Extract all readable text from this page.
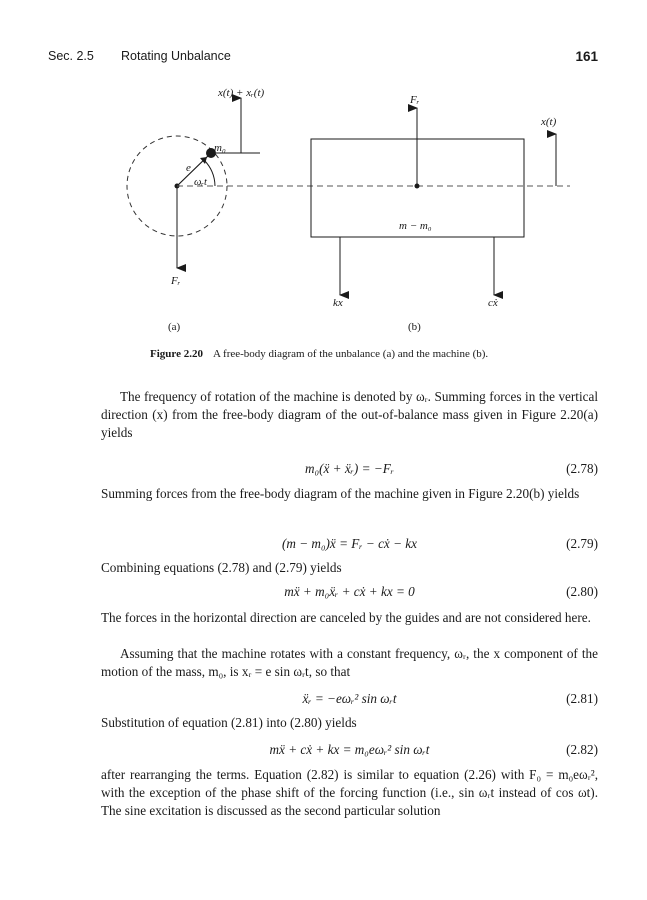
Sec. 2.5 Rotating Unbalance	161
x(t) + xᵣ(t)
m₀
e
ωᵣt
Fᵣ
Fᵣ
x(t)
m − m₀
kx	cẋ
(a)	(b)
Figure 2.20 A free-body diagram of the unbalance (a) and the machine (b).

The frequency of rotation of the machine is denoted by ωᵣ. Summing forces in the vertical direction (x) from the free-body diagram of the out-of-balance mass given in Figure 2.20(a) yields

m₀(ẍ + ẍᵣ) = −Fᵣ	(2.78)

Summing forces from the free-body diagram of the machine given in Figure 2.20(b) yields

(m − m₀)ẍ = Fᵣ − cẋ − kx	(2.79)

Combining equations (2.78) and (2.79) yields

mẍ + m₀ẍᵣ + cẋ + kx = 0	(2.80)

The forces in the horizontal direction are canceled by the guides and are not considered here.

Assuming that the machine rotates with a constant frequency, ωᵣ, the x component of the motion of the mass, m₀, is xᵣ = e sin ωᵣt, so that

ẍᵣ = −eωᵣ² sin ωᵣt	(2.81)

Substitution of equation (2.81) into (2.80) yields

mẍ + cẋ + kx = m₀eωᵣ² sin ωᵣt	(2.82)

after rearranging the terms. Equation (2.82) is similar to equation (2.26) with F₀ = m₀eωᵣ², with the exception of the phase shift of the forcing function (i.e., sin ωᵣt instead of cos ωt). The sine excitation is discussed as the second particular solution
